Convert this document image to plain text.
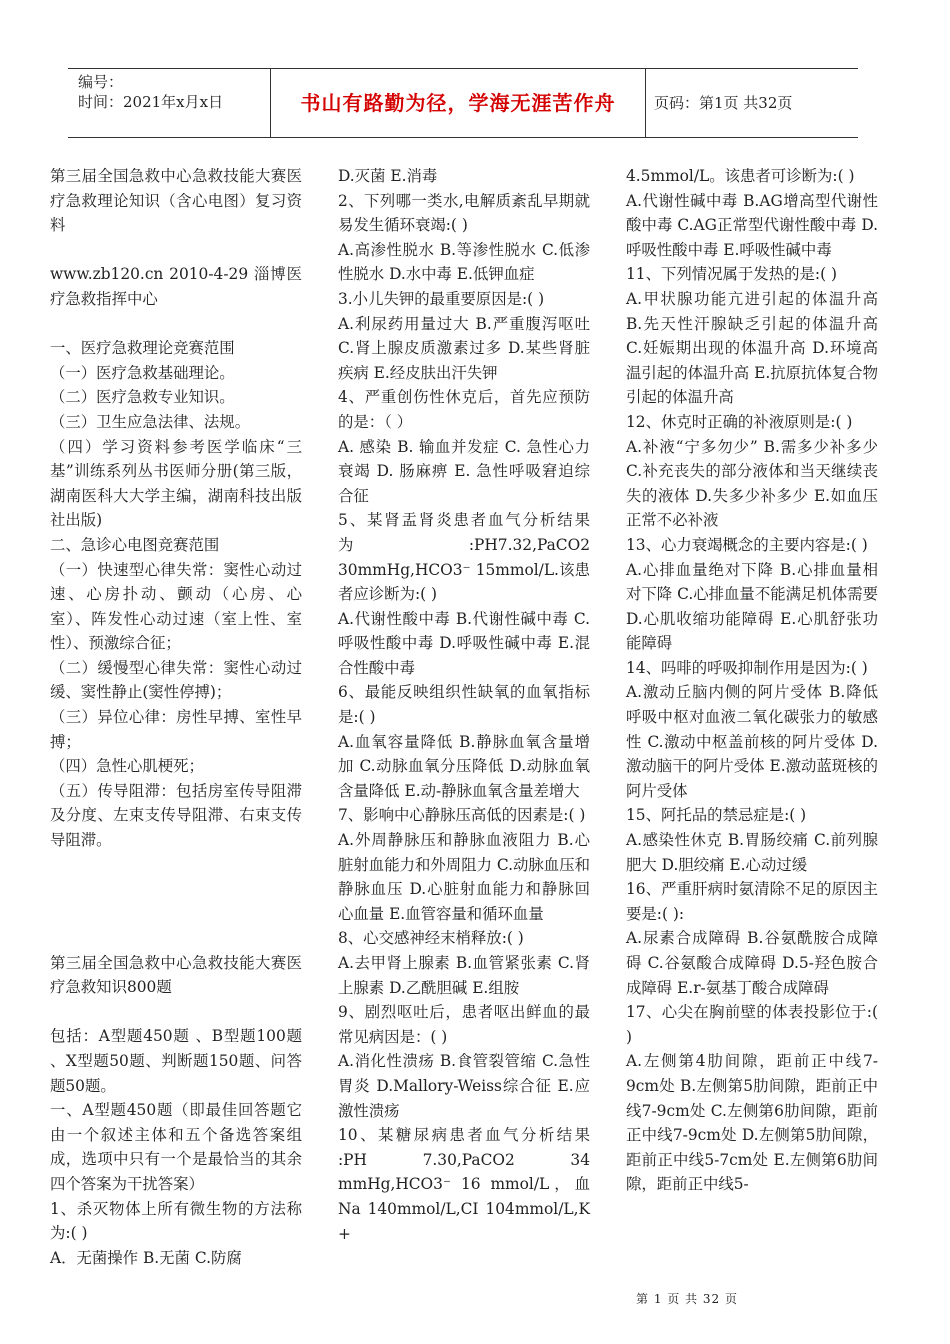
编号：
时间：2021年x月x日	书山有路勤为径，学海无涯苦作舟	页码：第1页 共32页

第三届全国急救中心急救技能大赛医疗急救理论知识（含心电图）复习资料

www.zb120.cn 2010-4-29 淄博医疗急救指挥中心

一、医疗急救理论竞赛范围

（一）医疗急救基础理论。

（二）医疗急救专业知识。

（三）卫生应急法律、法规。

（四）学习资料参考医学临床“三基”训练系列丛书医师分册(第三版，湖南医科大大学主编，湖南科技出版社出版)

二、急诊心电图竞赛范围

（一）快速型心律失常：窦性心动过速、心房扑动、颤动（心房、心室）、阵发性心动过速（室上性、室性）、预激综合征；

（二）缓慢型心律失常：窦性心动过缓、窦性静止(窦性停搏)；

（三）异位心律：房性早搏、室性早搏；

（四）急性心肌梗死；

（五）传导阻滞：包括房室传导阻滞及分度、左束支传导阻滞、右束支传导阻滞。

第三届全国急救中心急救技能大赛医疗急救知识800题

包括：A型题450题 、B型题100题 、X型题50题、判断题150题、问答题50题。

一、A型题450题（即最佳回答题它由一个叙述主体和五个备选答案组成，选项中只有一个是最恰当的其余四个答案为干扰答案）

1、杀灭物体上所有微生物的方法称为:( )

A．无菌操作 B.无菌 C.防腐

D.灭菌 E.消毒

2、下列哪一类水,电解质紊乱早期就易发生循环衰竭:( )

A.高渗性脱水 B.等渗性脱水 C.低渗性脱水 D.水中毒 E.低钾血症

3.小儿失钾的最重要原因是:( )

A.利尿药用量过大 B.严重腹泻呕吐 C.肾上腺皮质激素过多 D.某些肾脏疾病 E.经皮肤出汗失钾

4、严重创伤性休克后，首先应预防的是：（ ）

A. 感染 B. 输血并发症 C. 急性心力衰竭 D. 肠麻痹 E. 急性呼吸窘迫综合征

5、某肾盂肾炎患者血气分析结果为:PH7.32,PaCO2 30mmHg,HCO3⁻ 15mmol/L.该患者应诊断为:( )

A.代谢性酸中毒 B.代谢性碱中毒 C.呼吸性酸中毒 D.呼吸性碱中毒 E.混合性酸中毒

6、最能反映组织性缺氧的血氧指标是:( )

A.血氧容量降低 B.静脉血氧含量增加 C.动脉血氧分压降低 D.动脉血氧含量降低 E.动-静脉血氧含量差增大

7、影响中心静脉压高低的因素是:( )

A.外周静脉压和静脉血液阻力 B.心脏射血能力和外周阻力 C.动脉血压和静脉血压 D.心脏射血能力和静脉回心血量 E.血管容量和循环血量

8、心交感神经末梢释放:( )

A.去甲肾上腺素 B.血管紧张素 C.肾上腺素 D.乙酰胆碱 E.组胺

9、剧烈呕吐后，患者呕出鲜血的最常见病因是：( )

A.消化性溃疡 B.食管裂管缩 C.急性胃炎 D.Mallory-Weiss综合征 E.应激性溃疡

10、某糖尿病患者血气分析结果 :PH 7.30,PaCO2 34 mmHg,HCO3⁻ 16 mmol/L，血 Na 140mmol/L,CI 104mmol/L,K +

4.5mmol/L。该患者可诊断为:( )

A.代谢性碱中毒 B.AG增高型代谢性酸中毒 C.AG正常型代谢性酸中毒 D.呼吸性酸中毒 E.呼吸性碱中毒

11、下列情况属于发热的是:( )

A.甲状腺功能亢进引起的体温升高 B.先天性汗腺缺乏引起的体温升高 C.妊娠期出现的体温升高 D.环境高温引起的体温升高 E.抗原抗体复合物引起的体温升高

12、休克时正确的补液原则是:( )

A.补液“宁多勿少” B.需多少补多少 C.补充丧失的部分液体和当天继续丧失的液体 D.失多少补多少 E.如血压正常不必补液

13、心力衰竭概念的主要内容是:( )

A.心排血量绝对下降 B.心排血量相对下降 C.心排血量不能满足机体需要 D.心肌收缩功能障碍 E.心肌舒张功能障碍

14、吗啡的呼吸抑制作用是因为:( )

A.激动丘脑内侧的阿片受体 B.降低呼吸中枢对血液二氧化碳张力的敏感性 C.激动中枢盖前核的阿片受体 D.激动脑干的阿片受体 E.激动蓝斑核的阿片受体

15、阿托品的禁忌症是:( )

A.感染性休克 B.胃肠绞痛 C.前列腺肥大 D.胆绞痛 E.心动过缓

16、严重肝病时氨清除不足的原因主要是:( ):

A.尿素合成障碍 B.谷氨酰胺合成障碍 C.谷氨酸合成障碍 D.5-羟色胺合成障碍 E.r-氨基丁酸合成障碍

17、心尖在胸前壁的体表投影位于:( )

A.左侧第4肋间隙，距前正中线7-9cm处 B.左侧第5肋间隙，距前正中线7-9cm处 C.左侧第6肋间隙，距前正中线7-9cm处 D.左侧第5肋间隙，距前正中线5-7cm处 E.左侧第6肋间隙，距前正中线5-

第 1 页 共 32 页
